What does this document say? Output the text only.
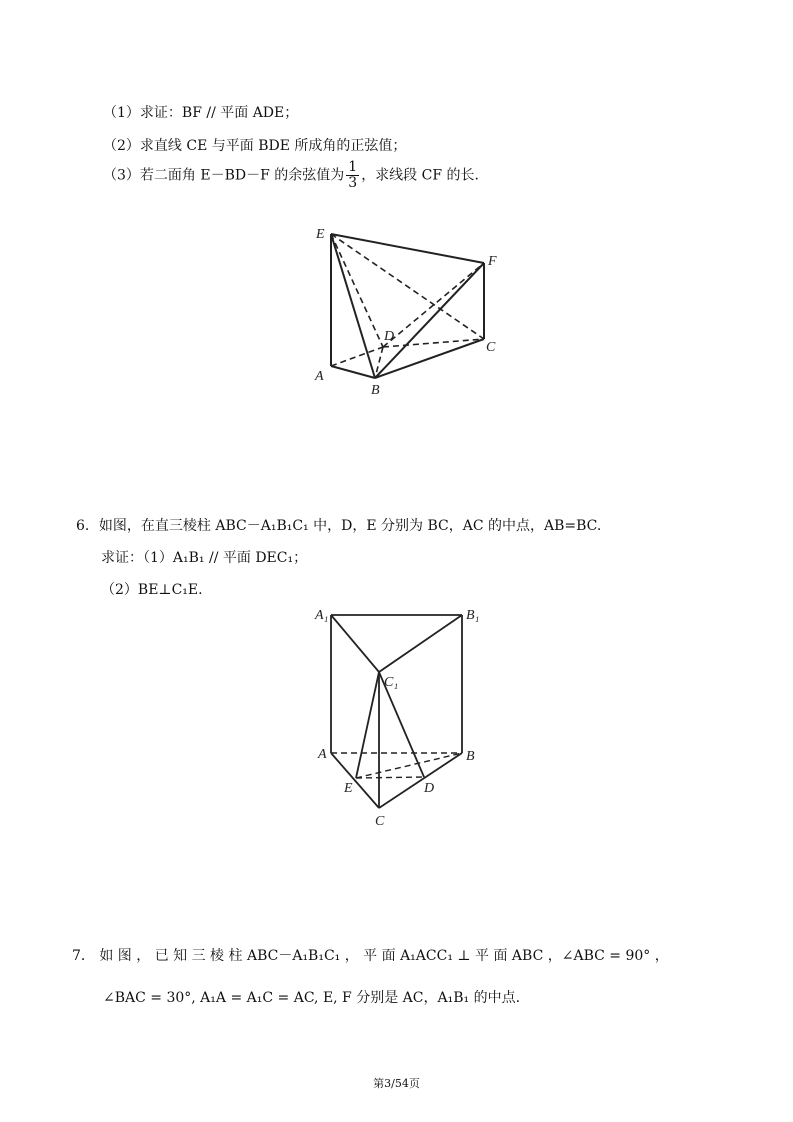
（1）求证：BF // 平面 ADE；
（2）求直线 CE 与平面 BDE 所成角的正弦值；
（3）若二面角 E－BD－F 的余弦值为 $\frac{1}{3}$ ，求线段 CF 的长.
E
F
D
C
A
B
A₁	B₁
C₁
A	B
E	D
C
6．如图，在直三棱柱 ABC－A₁B₁C₁ 中，D，E 分别为 BC，AC 的中点，AB=BC.
求证：（1）A₁B₁ // 平面 DEC₁；
（2）BE⊥C₁E.
7． 如 图 ， 已 知 三 棱 柱 ABC－A₁B₁C₁ ， 平 面 A₁ACC₁ ⊥ 平 面 ABC ，∠ABC = 90° ，
∠BAC = 30°, A₁A = A₁C = AC, E, F 分别是 AC，A₁B₁ 的中点.
第3/54页
